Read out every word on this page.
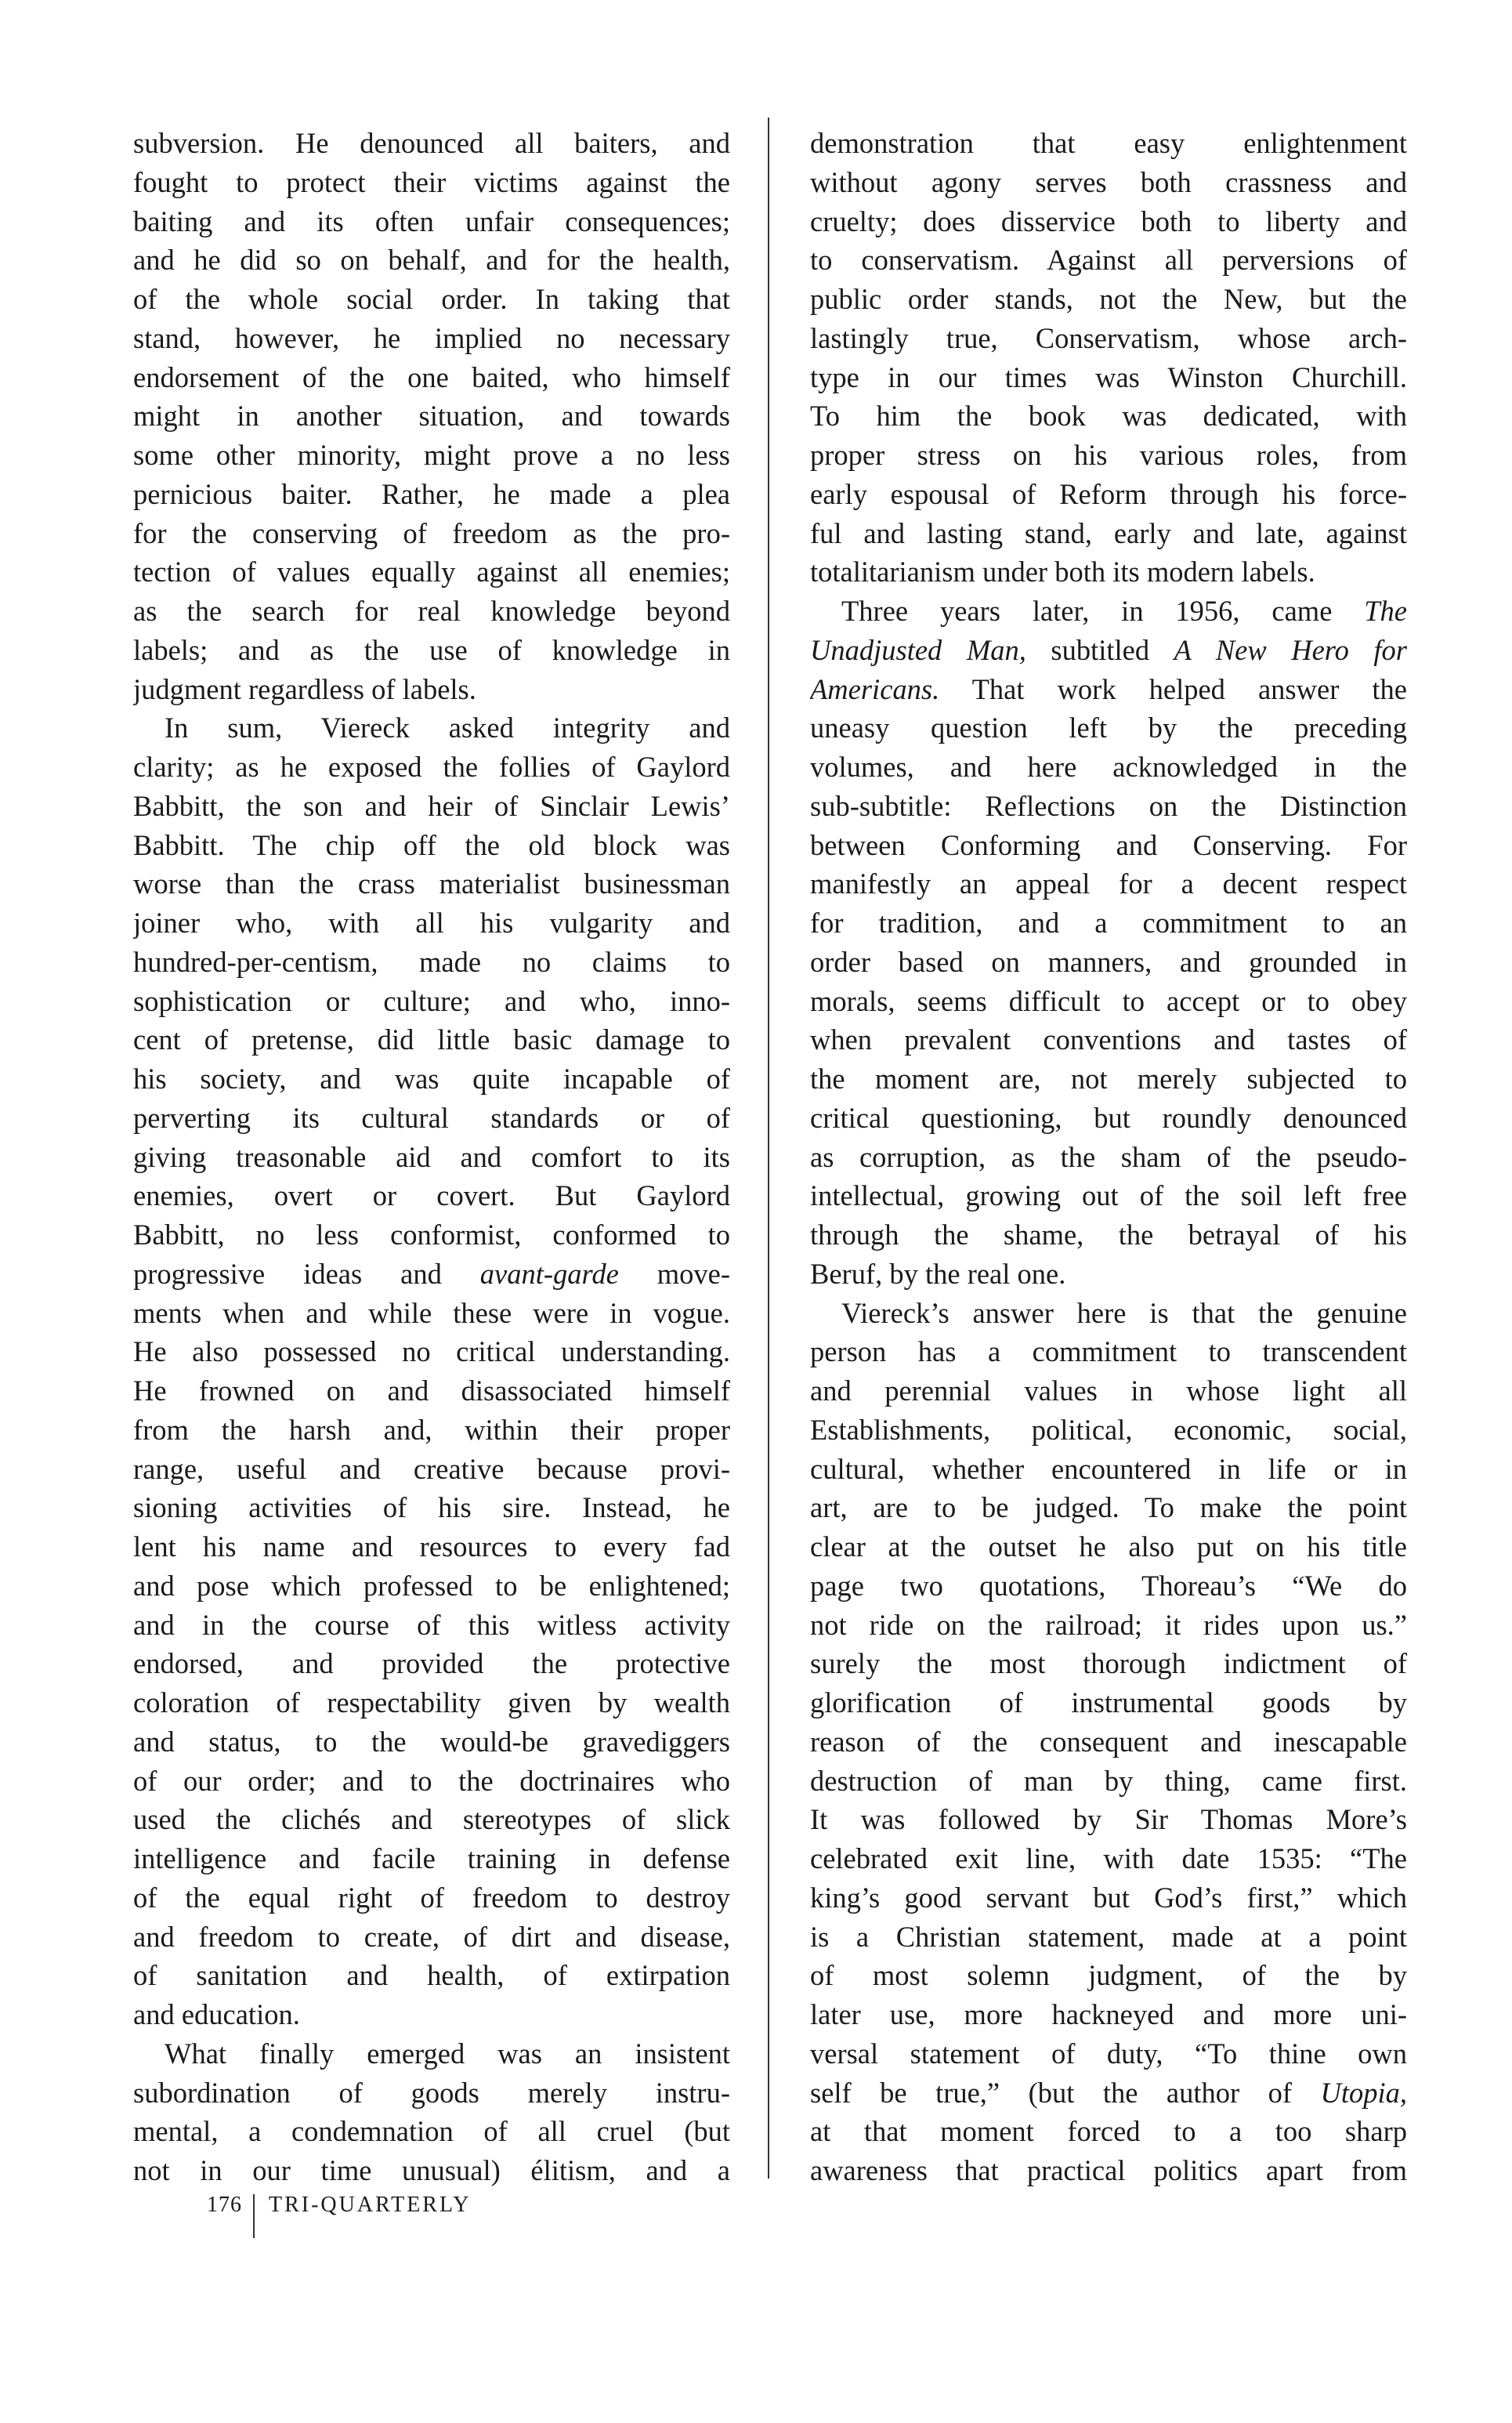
subversion. He denounced all baiters, and
fought to protect their victims against the
baiting and its often unfair consequences;
and he did so on behalf, and for the health,
of the whole social order. In taking that
stand, however, he implied no necessary
endorsement of the one baited, who himself
might in another situation, and towards
some other minority, might prove a no less
pernicious baiter. Rather, he made a plea
for the conserving of freedom as the pro-
tection of values equally against all enemies;
as the search for real knowledge beyond
labels; and as the use of knowledge in
judgment regardless of labels.
In sum, Viereck asked integrity and
clarity; as he exposed the follies of Gaylord
Babbitt, the son and heir of Sinclair Lewis’
Babbitt. The chip off the old block was
worse than the crass materialist businessman
joiner who, with all his vulgarity and
hundred-per-centism, made no claims to
sophistication or culture; and who, inno-
cent of pretense, did little basic damage to
his society, and was quite incapable of
perverting its cultural standards or of
giving treasonable aid and comfort to its
enemies, overt or covert. But Gaylord
Babbitt, no less conformist, conformed to
progressive ideas and avant-garde move-
ments when and while these were in vogue.
He also possessed no critical understanding.
He frowned on and disassociated himself
from the harsh and, within their proper
range, useful and creative because provi-
sioning activities of his sire. Instead, he
lent his name and resources to every fad
and pose which professed to be enlightened;
and in the course of this witless activity
endorsed, and provided the protective
coloration of respectability given by wealth
and status, to the would-be gravediggers
of our order; and to the doctrinaires who
used the clichés and stereotypes of slick
intelligence and facile training in defense
of the equal right of freedom to destroy
and freedom to create, of dirt and disease,
of sanitation and health, of extirpation
and education.
What finally emerged was an insistent
subordination of goods merely instru-
mental, a condemnation of all cruel (but
not in our time unusual) élitism, and a
demonstration that easy enlightenment
without agony serves both crassness and
cruelty; does disservice both to liberty and
to conservatism. Against all perversions of
public order stands, not the New, but the
lastingly true, Conservatism, whose arch-
type in our times was Winston Churchill.
To him the book was dedicated, with
proper stress on his various roles, from
early espousal of Reform through his force-
ful and lasting stand, early and late, against
totalitarianism under both its modern labels.
Three years later, in 1956, came The
Unadjusted Man, subtitled A New Hero for
Americans. That work helped answer the
uneasy question left by the preceding
volumes, and here acknowledged in the
sub-subtitle: Reflections on the Distinction
between Conforming and Conserving. For
manifestly an appeal for a decent respect
for tradition, and a commitment to an
order based on manners, and grounded in
morals, seems difficult to accept or to obey
when prevalent conventions and tastes of
the moment are, not merely subjected to
critical questioning, but roundly denounced
as corruption, as the sham of the pseudo-
intellectual, growing out of the soil left free
through the shame, the betrayal of his
Beruf, by the real one.
Viereck’s answer here is that the genuine
person has a commitment to transcendent
and perennial values in whose light all
Establishments, political, economic, social,
cultural, whether encountered in life or in
art, are to be judged. To make the point
clear at the outset he also put on his title
page two quotations, Thoreau’s “We do
not ride on the railroad; it rides upon us.”
surely the most thorough indictment of
glorification of instrumental goods by
reason of the consequent and inescapable
destruction of man by thing, came first.
It was followed by Sir Thomas More’s
celebrated exit line, with date 1535: “The
king’s good servant but God’s first,” which
is a Christian statement, made at a point
of most solemn judgment, of the by
later use, more hackneyed and more uni-
versal statement of duty, “To thine own
self be true,” (but the author of Utopia,
at that moment forced to a too sharp
awareness that practical politics apart from
176 TRI-QUARTERLY
